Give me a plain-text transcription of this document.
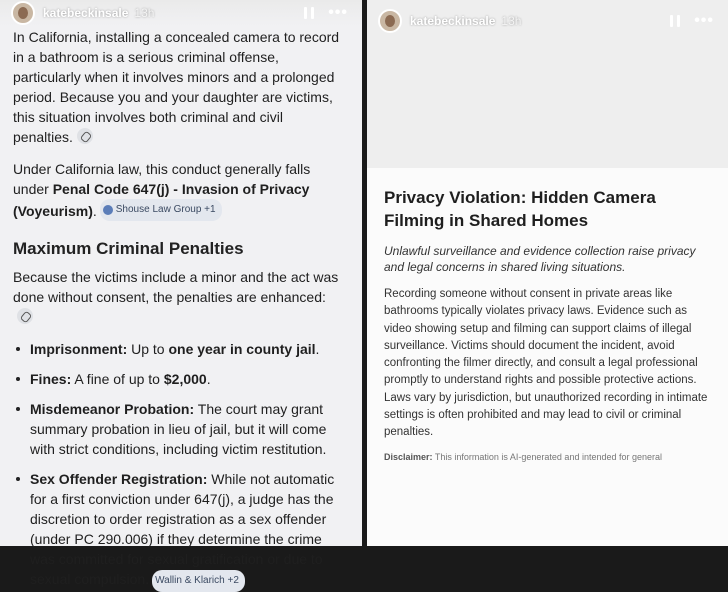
katebeckinsale 13h	•••

In California, installing a concealed camera to record in a bathroom is a serious criminal offense, particularly when it involves minors and a prolonged period. Because you and your daughter are victims, this situation involves both criminal and civil penalties.

Under California law, this conduct generally falls under Penal Code 647(j) - Invasion of Privacy (Voyeurism). Shouse Law Group +1

Maximum Criminal Penalties

Because the victims include a minor and the act was done without consent, the penalties are enhanced:

Imprisonment: Up to one year in county jail.
Fines: A fine of up to $2,000.
Misdemeanor Probation: The court may grant summary probation in lieu of jail, but it will come with strict conditions, including victim restitution.
Sex Offender Registration: While not automatic for a first conviction under 647(j), a judge has the discretion to order registration as a sex offender (under PC 290.006) if they determine the crime was committed for sexual gratification or due to sexual compulsion. Wallin & Klarich +2
katebeckinsale 13h	•••
Privacy Violation: Hidden Camera Filming in Shared Homes

Unlawful surveillance and evidence collection raise privacy and legal concerns in shared living situations.

Recording someone without consent in private areas like bathrooms typically violates privacy laws. Evidence such as video showing setup and filming can support claims of illegal surveillance. Victims should document the incident, avoid confronting the filmer directly, and consult a legal professional promptly to understand rights and possible protective actions. Laws vary by jurisdiction, but unauthorized recording in intimate settings is often prohibited and may lead to civil or criminal penalties.

Disclaimer: This information is AI-generated and intended for general
